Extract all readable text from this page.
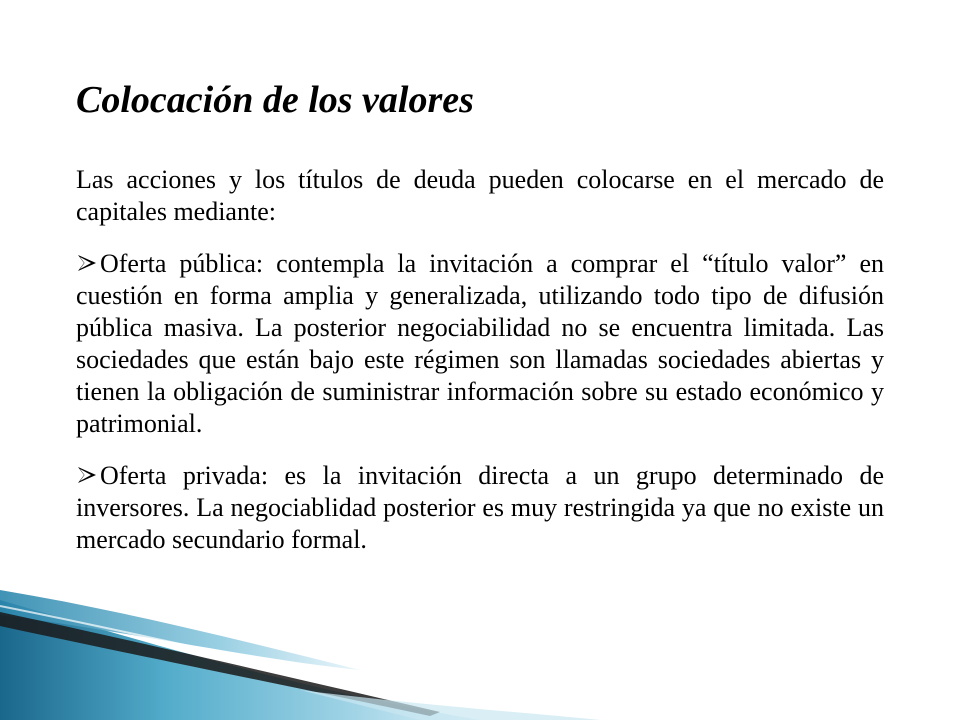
Colocación de los valores

Las acciones y los títulos de deuda pueden colocarse en el mercado de capitales mediante:

Oferta pública: contempla la invitación a comprar el “título valor” en cuestión en forma amplia y generalizada, utilizando todo tipo de difusión pública masiva. La posterior negociabilidad no se encuentra limitada. Las sociedades que están bajo este régimen son llamadas sociedades abiertas y tienen la obligación de suministrar información sobre su estado económico y patrimonial.

Oferta privada: es la invitación directa a un grupo determinado de inversores. La negociablidad posterior es muy restringida ya que no existe un mercado secundario formal.
